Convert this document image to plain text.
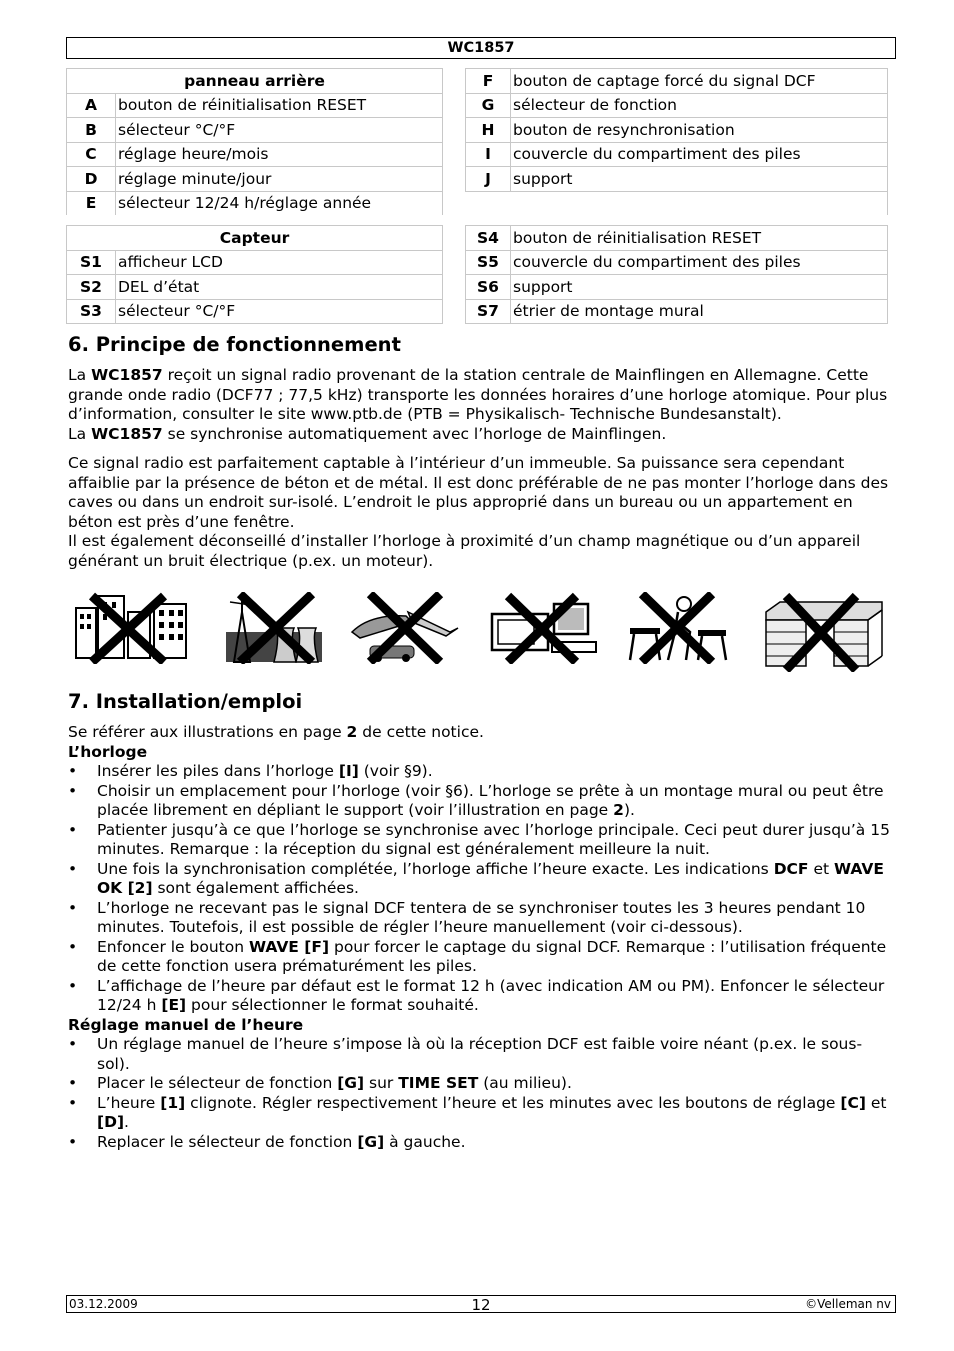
WC1857
panneau arrière			F	bouton de captage forcé du signal DCF
A	bouton de réinitialisation RESET		G	sélecteur de fonction
B	sélecteur °C/°F		H	bouton de resynchronisation
C	réglage heure/mois		I	couvercle du compartiment des piles
D	réglage minute/jour		J	support
E	sélecteur 12/24 h/réglage année			
Capteur			S4	bouton de réinitialisation RESET
S1	afficheur LCD		S5	couvercle du compartiment des piles
S2	DEL d’état		S6	support
S3	sélecteur °C/°F		S7	étrier de montage mural
6. Principe de fonctionnement

La WC1857 reçoit un signal radio provenant de la station centrale de Mainflingen en Allemagne. Cette grande onde radio (DCF77 ; 77,5 kHz) transporte les données horaires d’une horloge atomique. Pour plus d’information, consulter le site www.ptb.de (PTB = Physikalisch- Technische Bundesanstalt).

La WC1857 se synchronise automatiquement avec l’horloge de Mainflingen.

Ce signal radio est parfaitement captable à l’intérieur d’un immeuble. Sa puissance sera cependant affaiblie par la présence de béton et de métal. Il est donc préférable de ne pas monter l’horloge dans des caves ou dans un endroit sur-isolé. L’endroit le plus approprié dans un bureau ou un appartement en béton est près d’une fenêtre.

Il est également déconseillé d’installer l’horloge à proximité d’un champ magnétique ou d’un appareil générant un bruit électrique (p.ex. un moteur).

7. Installation/emploi

Se référer aux illustrations en page 2 de cette notice.

L’horloge

• Insérer les piles dans l’horloge [I] (voir §9).
• Choisir un emplacement pour l’horloge (voir §6). L’horloge se prête à un montage mural ou peut être placée librement en dépliant le support (voir l’illustration en page 2).
• Patienter jusqu’à ce que l’horloge se synchronise avec l’horloge principale. Ceci peut durer jusqu’à 15 minutes. Remarque : la réception du signal est généralement meilleure la nuit.
• Une fois la synchronisation complétée, l’horloge affiche l’heure exacte. Les indications DCF et WAVE OK [2] sont également affichées.
• L’horloge ne recevant pas le signal DCF tentera de se synchroniser toutes les 3 heures pendant 10 minutes. Toutefois, il est possible de régler l’heure manuellement (voir ci-dessous).
• Enfoncer le bouton WAVE [F] pour forcer le captage du signal DCF. Remarque : l’utilisation fréquente de cette fonction usera prématurément les piles.
• L’affichage de l’heure par défaut est le format 12 h (avec indication AM ou PM). Enfoncer le sélecteur 12/24 h [E] pour sélectionner le format souhaité.

Réglage manuel de l’heure

• Un réglage manuel de l’heure s’impose là où la réception DCF est faible voire néant (p.ex. le sous-sol).
• Placer le sélecteur de fonction [G] sur TIME SET (au milieu).
• L’heure [1] clignote. Régler respectivement l’heure et les minutes avec les boutons de réglage [C] et [D].
• Replacer le sélecteur de fonction [G] à gauche.
03.12.2009	12	©Velleman nv
